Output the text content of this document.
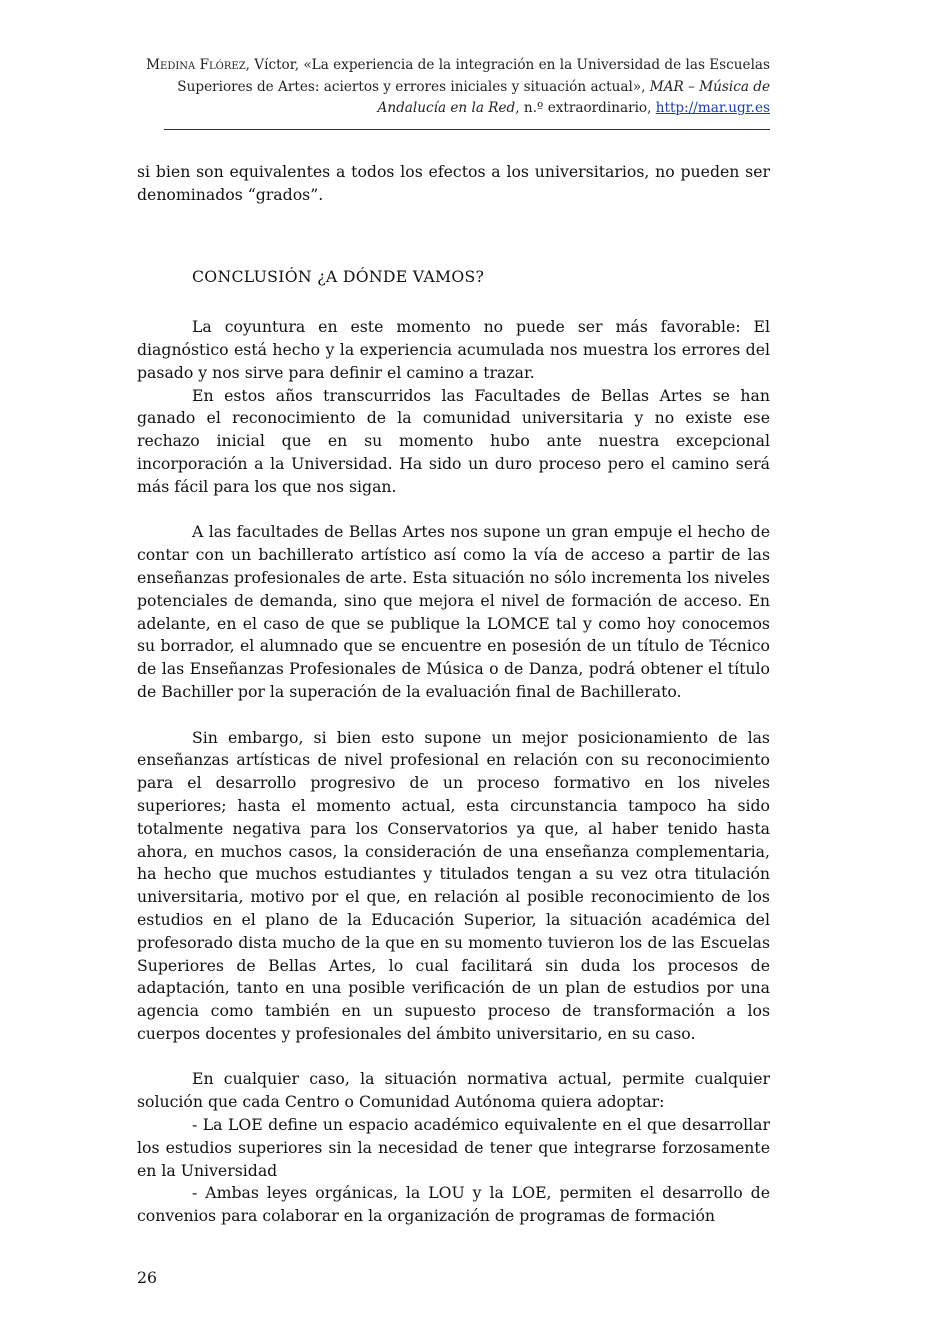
Medina Flórez, Víctor, «La experiencia de la integración en la Universidad de las Escuelas Superiores de Artes: aciertos y errores iniciales y situación actual», MAR – Música de Andalucía en la Red, n.º extraordinario, http://mar.ugr.es

si bien son equivalentes a todos los efectos a los universitarios, no pueden ser denominados “grados”.

CONCLUSIÓN ¿A DÓNDE VAMOS?

La coyuntura en este momento no puede ser más favorable: El diagnóstico está hecho y la experiencia acumulada nos muestra los errores del pasado y nos sirve para definir el camino a trazar.

En estos años transcurridos las Facultades de Bellas Artes se han ganado el reconocimiento de la comunidad universitaria y no existe ese rechazo inicial que en su momento hubo ante nuestra excepcional incorporación a la Universidad. Ha sido un duro proceso pero el camino será más fácil para los que nos sigan.

A las facultades de Bellas Artes nos supone un gran empuje el hecho de contar con un bachillerato artístico así como la vía de acceso a partir de las enseñanzas profesionales de arte. Esta situación no sólo incrementa los niveles potenciales de demanda, sino que mejora el nivel de formación de acceso. En adelante, en el caso de que se publique la LOMCE tal y como hoy conocemos su borrador, el alumnado que se encuentre en posesión de un título de Técnico de las Enseñanzas Profesionales de Música o de Danza, podrá obtener el título de Bachiller por la superación de la evaluación final de Bachillerato.

Sin embargo, si bien esto supone un mejor posicionamiento de las enseñanzas artísticas de nivel profesional en relación con su reconocimiento para el desarrollo progresivo de un proceso formativo en los niveles superiores; hasta el momento actual, esta circunstancia tampoco ha sido totalmente negativa para los Conservatorios ya que, al haber tenido hasta ahora, en muchos casos, la consideración de una enseñanza complementaria, ha hecho que muchos estudiantes y titulados tengan a su vez otra titulación universitaria, motivo por el que, en relación al posible reconocimiento de los estudios en el plano de la Educación Superior, la situación académica del profesorado dista mucho de la que en su momento tuvieron los de las Escuelas Superiores de Bellas Artes, lo cual facilitará sin duda los procesos de adaptación, tanto en una posible verificación de un plan de estudios por una agencia como también en un supuesto proceso de transformación a los cuerpos docentes y profesionales del ámbito universitario, en su caso.

En cualquier caso, la situación normativa actual, permite cualquier solución que cada Centro o Comunidad Autónoma quiera adoptar:

- La LOE define un espacio académico equivalente en el que desarrollar los estudios superiores sin la necesidad de tener que integrarse forzosamente en la Universidad

- Ambas leyes orgánicas, la LOU y la LOE, permiten el desarrollo de convenios para colaborar en la organización de programas de formación

26
